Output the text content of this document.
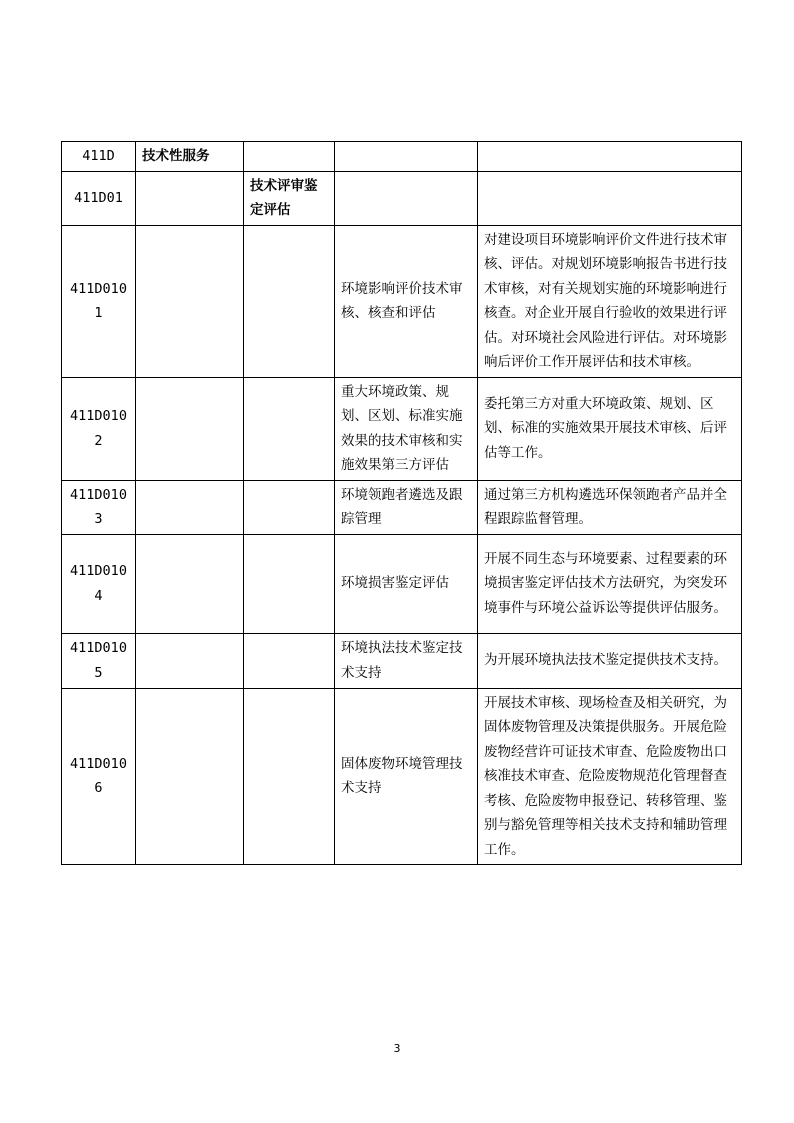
411D	技术性服务			
411D01		技术评审鉴定评估		
411D0101			环境影响评价技术审核、核查和评估	对建设项目环境影响评价文件进行技术审核、评估。对规划环境影响报告书进行技术审核，对有关规划实施的环境影响进行核查。对企业开展自行验收的效果进行评估。对环境社会风险进行评估。对环境影响后评价工作开展评估和技术审核。
411D0102			重大环境政策、规划、区划、标准实施效果的技术审核和实施效果第三方评估	委托第三方对重大环境政策、规划、区划、标准的实施效果开展技术审核、后评估等工作。
411D0103			环境领跑者遴选及跟踪管理	通过第三方机构遴选环保领跑者产品并全程跟踪监督管理。
411D0104			环境损害鉴定评估	开展不同生态与环境要素、过程要素的环境损害鉴定评估技术方法研究，为突发环境事件与环境公益诉讼等提供评估服务。
411D0105			环境执法技术鉴定技术支持	为开展环境执法技术鉴定提供技术支持。
411D0106			固体废物环境管理技术支持	开展技术审核、现场检查及相关研究，为固体废物管理及决策提供服务。开展危险废物经营许可证技术审查、危险废物出口核准技术审查、危险废物规范化管理督查考核、危险废物申报登记、转移管理、鉴别与豁免管理等相关技术支持和辅助管理工作。
3
